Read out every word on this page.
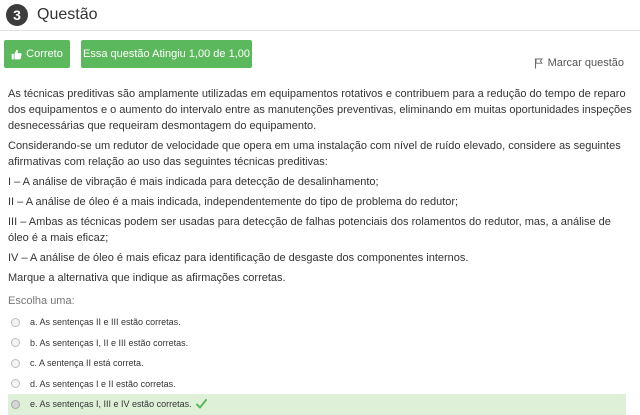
3	Questão
Correto Essa questão Atingiu 1,00 de 1,00
Marcar questão

As técnicas preditivas são amplamente utilizadas em equipamentos rotativos e contribuem para a redução do tempo de reparo dos equipamentos e o aumento do intervalo entre as manutenções preventivas, eliminando em muitas oportunidades inspeções desnecessárias que requeiram desmontagem do equipamento.

Considerando-se um redutor de velocidade que opera em uma instalação com nível de ruído elevado, considere as seguintes afirmativas com relação ao uso das seguintes técnicas preditivas:

I – A análise de vibração é mais indicada para detecção de desalinhamento;

II – A análise de óleo é a mais indicada, independentemente do tipo de problema do redutor;

III – Ambas as técnicas podem ser usadas para detecção de falhas potenciais dos rolamentos do redutor, mas, a análise de óleo é a mais eficaz;

IV – A análise de óleo é mais eficaz para identificação de desgaste dos componentes internos.

Marque a alternativa que indique as afirmações corretas.

Escolha uma:
a. As sentenças II e III estão corretas.
b. As sentenças I, II e III estão corretas.
c. A sentença II está correta.
d. As sentenças I e II estão corretas.
e. As sentenças I, III e IV estão corretas.
